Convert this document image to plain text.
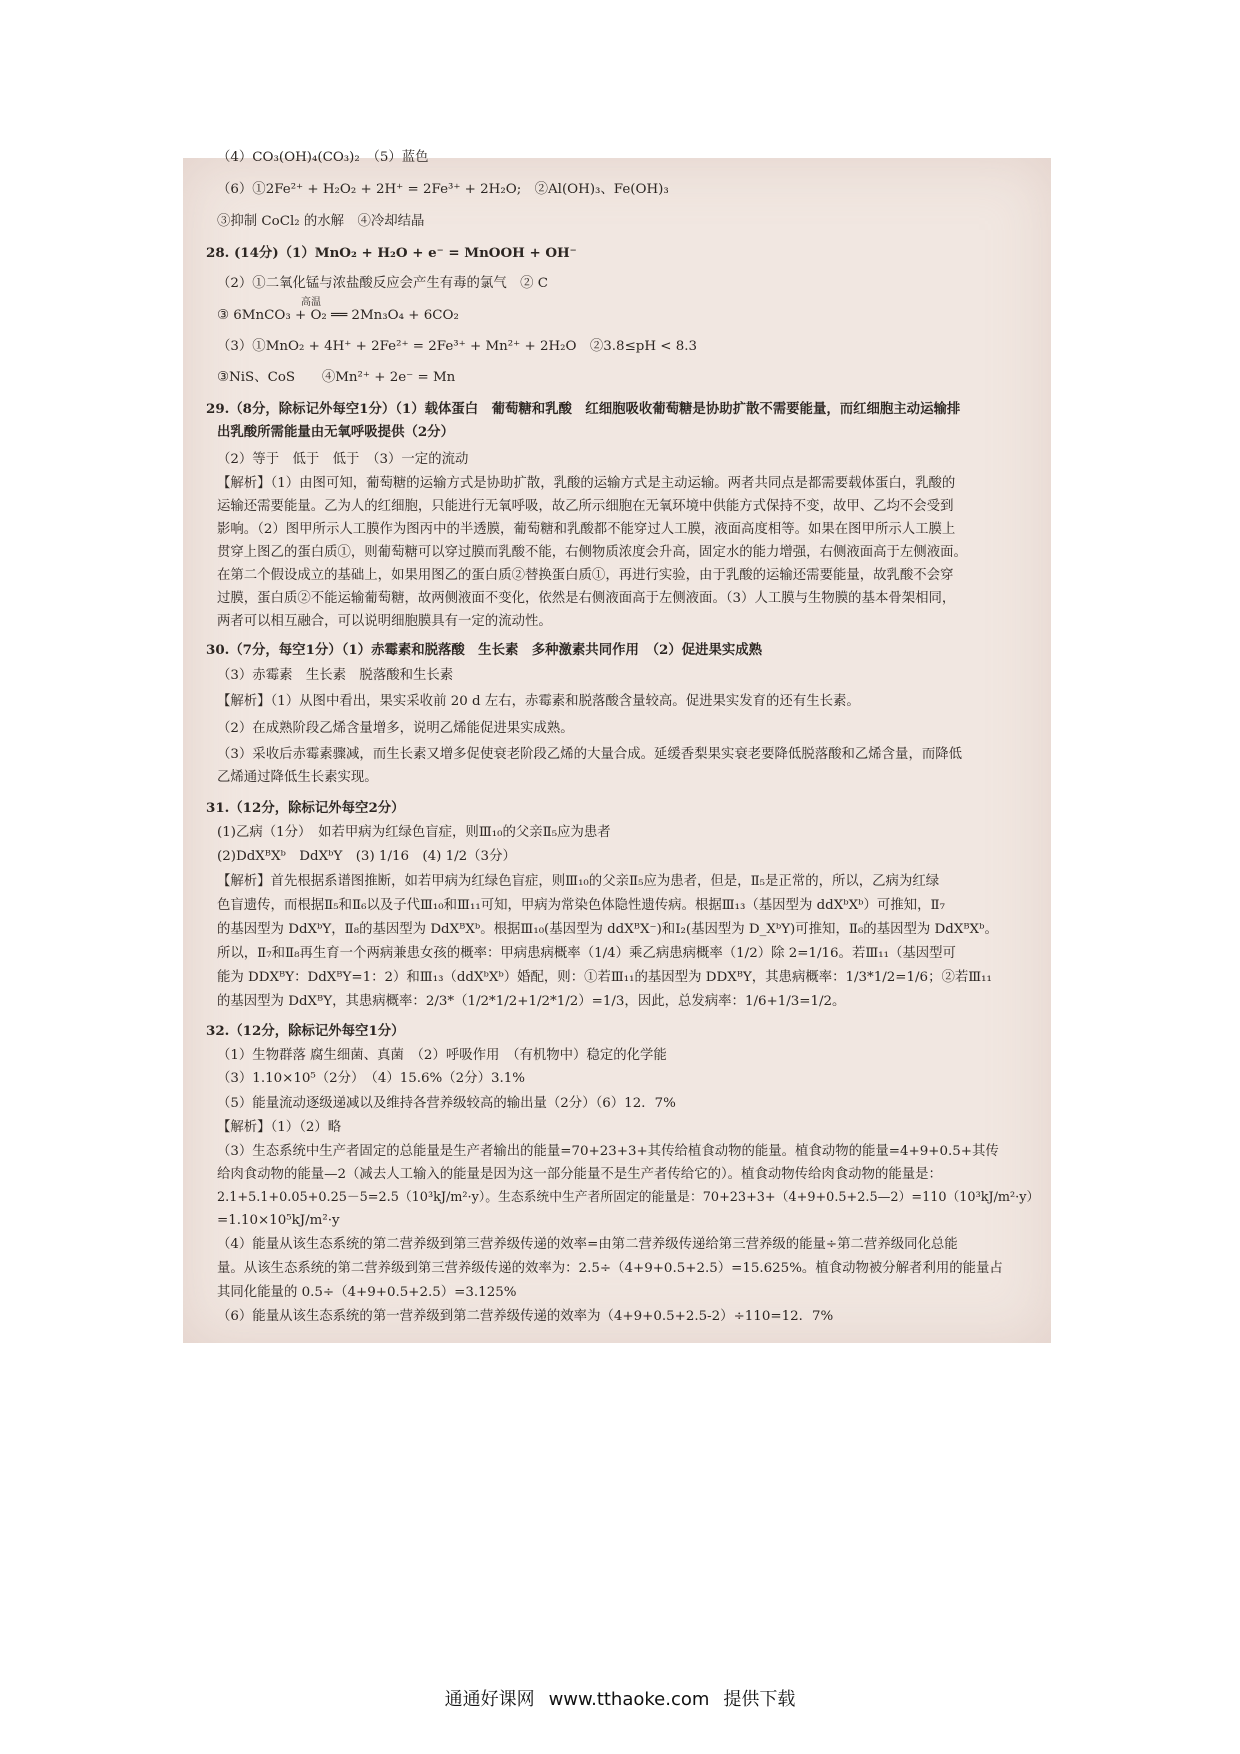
（4）CO₃(OH)₄(CO₃)₂　（5）蓝色
（6）①2Fe²⁺ + H₂O₂ + 2H⁺ = 2Fe³⁺ + 2H₂O;　②Al(OH)₃、Fe(OH)₃
③抑制 CoCl₂ 的水解　④冷却结晶
28. (14分)（1）MnO₂ + H₂O + e⁻ = MnOOH + OH⁻
（2）①二氧化锰与浓盐酸反应会产生有毒的氯气　② C
③ 6MnCO₃ + O₂ ══ 2Mn₃O₄ + 6CO₂
高温
（3）①MnO₂ + 4H⁺ + 2Fe²⁺ = 2Fe³⁺ + Mn²⁺ + 2H₂O　②3.8≤pH < 8.3
③NiS、CoS　　④Mn²⁺ + 2e⁻ = Mn
29.（8分，除标记外每空1分）（1）载体蛋白　葡萄糖和乳酸　红细胞吸收葡萄糖是协助扩散不需要能量，而红细胞主动运输排
出乳酸所需能量由无氧呼吸提供（2分）
（2）等于　低于　低于　（3）一定的流动
【解析】（1）由图可知，葡萄糖的运输方式是协助扩散，乳酸的运输方式是主动运输。两者共同点是都需要载体蛋白，乳酸的
运输还需要能量。乙为人的红细胞，只能进行无氧呼吸，故乙所示细胞在无氧环境中供能方式保持不变，故甲、乙均不会受到
影响。（2）图甲所示人工膜作为图丙中的半透膜，葡萄糖和乳酸都不能穿过人工膜，液面高度相等。如果在图甲所示人工膜上
贯穿上图乙的蛋白质①，则葡萄糖可以穿过膜而乳酸不能，右侧物质浓度会升高，固定水的能力增强，右侧液面高于左侧液面。
在第二个假设成立的基础上，如果用图乙的蛋白质②替换蛋白质①，再进行实验，由于乳酸的运输还需要能量，故乳酸不会穿
过膜，蛋白质②不能运输葡萄糖，故两侧液面不变化，依然是右侧液面高于左侧液面。（3）人工膜与生物膜的基本骨架相同，
两者可以相互融合，可以说明细胞膜具有一定的流动性。
30.（7分，每空1分）（1）赤霉素和脱落酸　生长素　多种激素共同作用　（2）促进果实成熟
（3）赤霉素　生长素　脱落酸和生长素
【解析】（1）从图中看出，果实采收前 20 d 左右，赤霉素和脱落酸含量较高。促进果实发育的还有生长素。
（2）在成熟阶段乙烯含量增多，说明乙烯能促进果实成熟。
（3）采收后赤霉素骤减，而生长素又增多促使衰老阶段乙烯的大量合成。延缓香梨果实衰老要降低脱落酸和乙烯含量，而降低
乙烯通过降低生长素实现。
31.（12分，除标记外每空2分）
(1)乙病（1分）　如若甲病为红绿色盲症，则Ⅲ₁₀的父亲Ⅱ₅应为患者
(2)DdXᴮXᵇ　DdXᵇY　(3) 1/16　(4) 1/2（3分）
【解析】首先根据系谱图推断，如若甲病为红绿色盲症，则Ⅲ₁₀的父亲Ⅱ₅应为患者，但是，Ⅱ₅是正常的，所以，乙病为红绿
色盲遗传，而根据Ⅱ₅和Ⅱ₆以及子代Ⅲ₁₀和Ⅲ₁₁可知，甲病为常染色体隐性遗传病。根据Ⅲ₁₃（基因型为 ddXᵇXᵇ）可推知，Ⅱ₇
的基因型为 DdXᵇY，Ⅱ₈的基因型为 DdXᴮXᵇ。根据Ⅲ₁₀(基因型为 ddXᴮX⁻)和Ⅰ₂(基因型为 D_XᵇY)可推知，Ⅱ₆的基因型为 DdXᴮXᵇ。
所以，Ⅱ₇和Ⅱ₈再生育一个两病兼患女孩的概率：甲病患病概率（1/4）乘乙病患病概率（1/2）除 2=1/16。若Ⅲ₁₁（基因型可
能为 DDXᴮY：DdXᴮY=1：2）和Ⅲ₁₃（ddXᵇXᵇ）婚配，则：①若Ⅲ₁₁的基因型为 DDXᴮY，其患病概率：1/3*1/2=1/6；②若Ⅲ₁₁
的基因型为 DdXᴮY，其患病概率：2/3*（1/2*1/2+1/2*1/2）=1/3，因此，总发病率：1/6+1/3=1/2。
32.（12分，除标记外每空1分）
（1）生物群落 腐生细菌、真菌　（2）呼吸作用　（有机物中）稳定的化学能
（3）1.10×10⁵（2分）　（4）15.6%（2分）3.1%
（5）能量流动逐级递减以及维持各营养级较高的输出量（2分）（6）12．7%
【解析】（1）（2）略
（3）生态系统中生产者固定的总能量是生产者输出的能量=70+23+3+其传给植食动物的能量。植食动物的能量=4+9+0.5+其传
给肉食动物的能量—2（减去人工输入的能量是因为这一部分能量不是生产者传给它的）。植食动物传给肉食动物的能量是：
2.1+5.1+0.05+0.25－5=2.5（10³kJ/m²·y）。生态系统中生产者所固定的能量是：70+23+3+（4+9+0.5+2.5—2）=110（10³kJ/m²·y）
=1.10×10⁵kJ/m²·y
（4）能量从该生态系统的第二营养级到第三营养级传递的效率=由第二营养级传递给第三营养级的能量÷第二营养级同化总能
量。从该生态系统的第二营养级到第三营养级传递的效率为：2.5÷（4+9+0.5+2.5）=15.625%。植食动物被分解者利用的能量占
其同化能量的 0.5÷（4+9+0.5+2.5）=3.125%
（6）能量从该生态系统的第一营养级到第二营养级传递的效率为（4+9+0.5+2.5-2）÷110=12．7%
通通好课网 www.tthaoke.com 提供下载
